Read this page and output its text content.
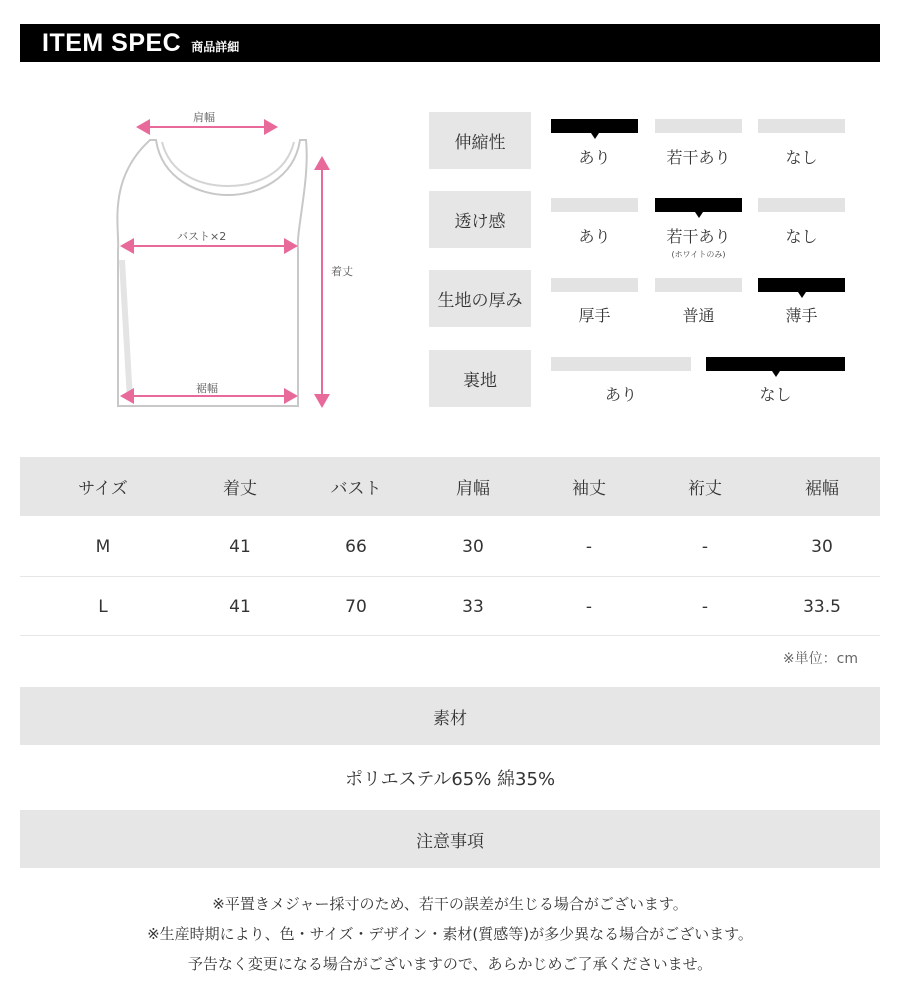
ITEM SPEC 商品詳細
肩幅
バスト×2
着丈
裾幅
伸縮性
あり	若干あり	なし
透け感
あり	若干あり	なし
(ホワイトのみ)
生地の厚み
厚手	普通	薄手
裏地
あり	なし
サイズ	着丈	バスト	肩幅	袖丈	裄丈	裾幅
M	41	66	30	-	-	30
L	41	70	33	-	-	33.5
※単位：cm
素材
ポリエステル65% 綿35%
注意事項
※平置きメジャー採寸のため、若干の誤差が生じる場合がございます。
※生産時期により、色・サイズ・デザイン・素材(質感等)が多少異なる場合がございます。
予告なく変更になる場合がございますので、あらかじめご了承くださいませ。
